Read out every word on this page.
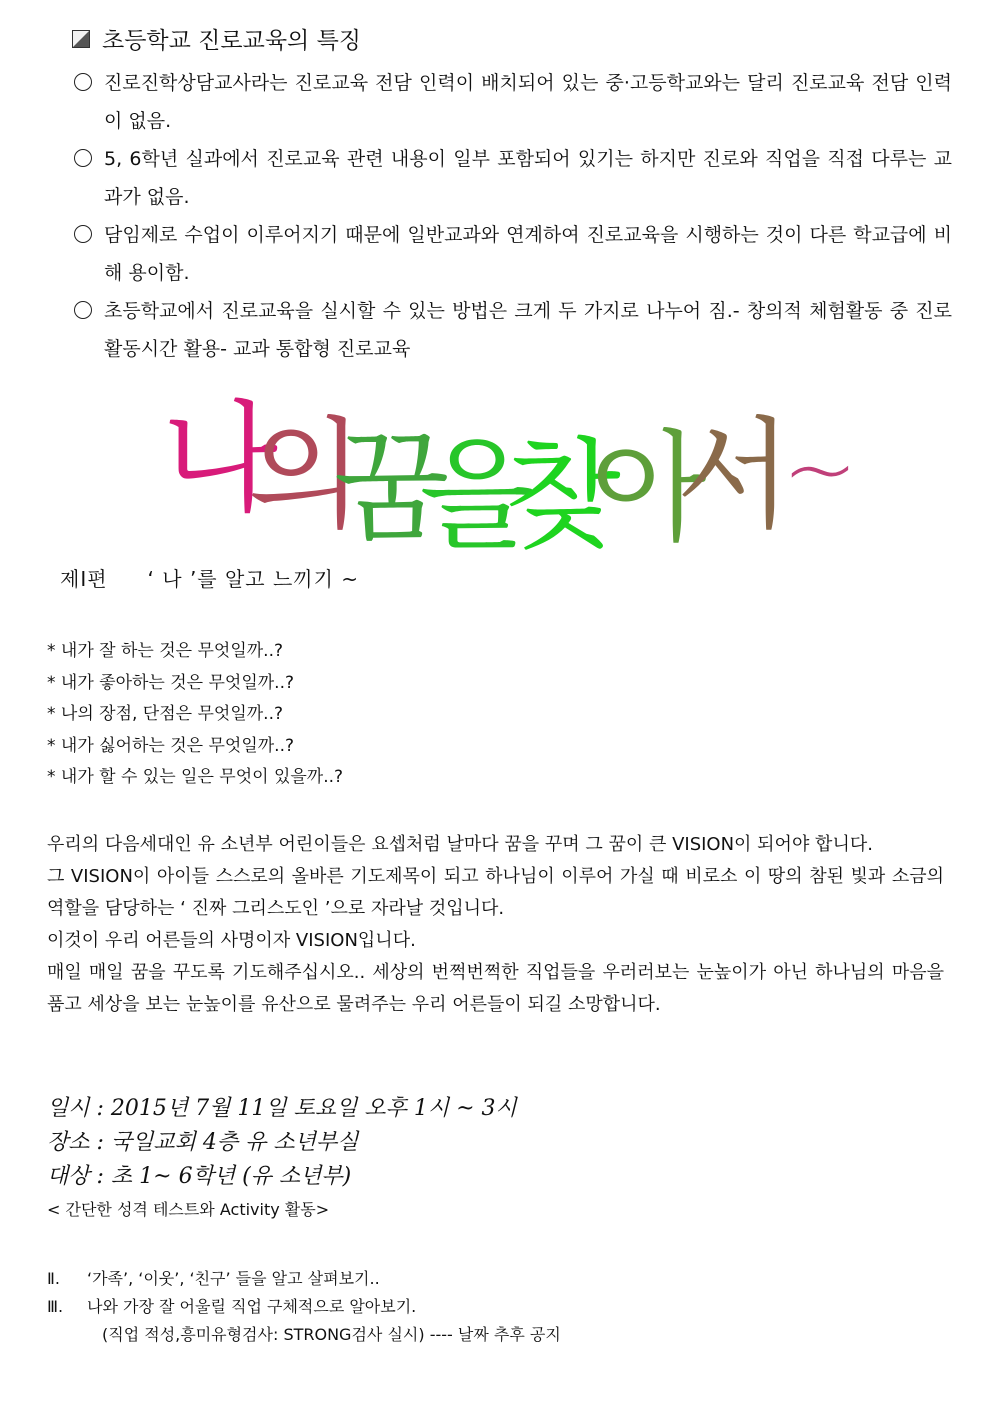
초등학교 진로교육의 특징

진로진학상담교사라는 진로교육 전담 인력이 배치되어 있는 중·고등학교와는 달리 진로교육 전담 인력이 없음.

5, 6학년 실과에서 진로교육 관련 내용이 일부 포함되어 있기는 하지만 진로와 직업을 직접 다루는 교과가 없음.

담임제로 수업이 이루어지기 때문에 일반교과와 연계하여 진로교육을 시행하는 것이 다른 학교급에 비해 용이함.

초등학교에서 진로교육을 실시할 수 있는 방법은 크게 두 가지로 나누어 짐.- 창의적 체험활동 중 진로활동시간 활용- 교과 통합형 진로교육

나
의
꿈
을
찾
아
서
~
제Ⅰ편 ‘ 나 ’를 알고 느끼기 ~
* 내가 잘 하는 것은 무엇일까..?
* 내가 좋아하는 것은 무엇일까..?
* 나의 장점, 단점은 무엇일까..?
* 내가 싫어하는 것은 무엇일까..?
* 내가 할 수 있는 일은 무엇이 있을까..?
우리의 다음세대인 유 소년부 어린이들은 요셉처럼 날마다 꿈을 꾸며 그 꿈이 큰 VISION이 되어야 합니다.
그 VISION이 아이들 스스로의 올바른 기도제목이 되고 하나님이 이루어 가실 때 비로소 이 땅의 참된 빛과 소금의 역할을 담당하는 ‘ 진짜 그리스도인 ’으로 자라날 것입니다.
이것이 우리 어른들의 사명이자 VISION입니다.
매일 매일 꿈을 꾸도록 기도해주십시오.. 세상의 번쩍번쩍한 직업들을 우러러보는 눈높이가 아닌 하나님의 마음을 품고 세상을 보는 눈높이를 유산으로 물려주는 우리 어른들이 되길 소망합니다.
일시 : 2015년 7월 11일 토요일 오후 1시 ~ 3시
장소 : 국일교회 4층 유 소년부실
대상 : 초 1~ 6학년 (유 소년부)
< 간단한 성격 테스트와 Activity 활동>
Ⅱ.	‘가족’, ‘이웃’, ‘친구’ 들을 알고 살펴보기..
Ⅲ.	나와 가장 잘 어울릴 직업 구체적으로 알아보기.
(직업 적성,흥미유형검사: STRONG검사 실시) ---- 날짜 추후 공지
